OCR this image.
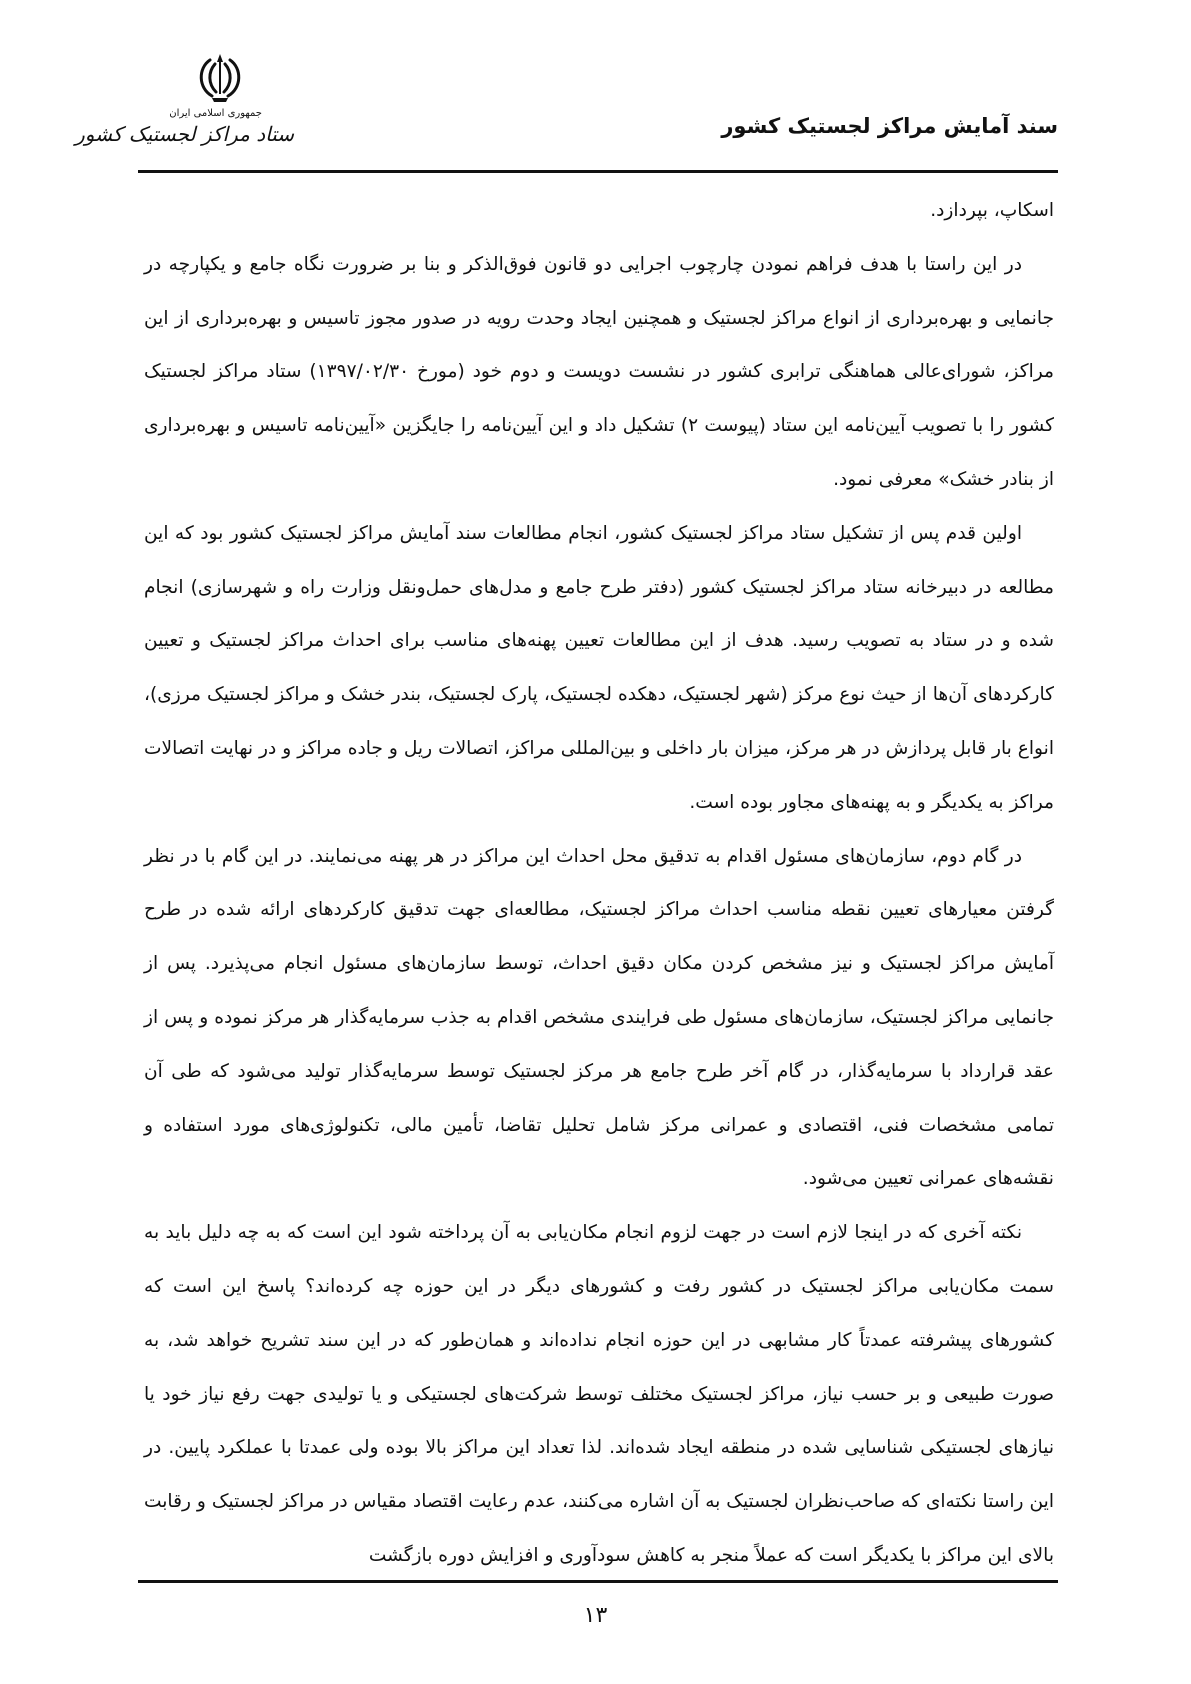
سند آمایش مراکز لجستیک کشور
جمهوری اسلامی ایران
ستاد مراکز لجستیک کشور

اسکاپ، بپردازد.

در این راستا با هدف فراهم نمودن چارچوب اجرایی دو قانون فوق‌الذکر و بنا بر ضرورت نگاه جامع و یکپارچه در جانمایی و بهره‌برداری از انواع مراکز لجستیک و همچنین ایجاد وحدت رویه در صدور مجوز تاسیس و بهره‌برداری از این مراکز، شورای‌عالی هماهنگی ترابری کشور در نشست دویست و دوم خود (مورخ ۱۳۹۷/۰۲/۳۰) ستاد مراکز لجستیک کشور را با تصویب آیین‌نامه این ستاد (پیوست ۲) تشکیل داد و این آیین‌نامه را جایگزین «آیین‌نامه تاسیس و بهره‌برداری از بنادر خشک» معرفی نمود.

اولین قدم پس از تشکیل ستاد مراکز لجستیک کشور، انجام مطالعات سند آمایش مراکز لجستیک کشور بود که این مطالعه در دبیرخانه ستاد مراکز لجستیک کشور (دفتر طرح جامع و مدل‌های حمل‌ونقل وزارت راه و شهرسازی) انجام شده و در ستاد به تصویب رسید. هدف از این مطالعات تعیین پهنه‌های مناسب برای احداث مراکز لجستیک و تعیین کارکردهای آن‌ها از حیث نوع مرکز (شهر لجستیک، دهکده لجستیک، پارک لجستیک، بندر خشک و مراکز لجستیک مرزی)، انواع بار قابل پردازش در هر مرکز، میزان بار داخلی و بین‌المللی مراکز، اتصالات ریل و جاده مراکز و در نهایت اتصالات مراکز به یکدیگر و به پهنه‌های مجاور بوده است.

در گام دوم، سازمان‌های مسئول اقدام به تدقیق محل احداث این مراکز در هر پهنه می‌نمایند. در این گام با در نظر گرفتن معیارهای تعیین نقطه مناسب احداث مراکز لجستیک، مطالعه‌ای جهت تدقیق کارکردهای ارائه شده در طرح آمایش مراکز لجستیک و نیز مشخص کردن مکان دقیق احداث، توسط سازمان‌های مسئول انجام می‌پذیرد. پس از جانمایی مراکز لجستیک، سازمان‌های مسئول طی فرایندی مشخص اقدام به جذب سرمایه‌گذار هر مرکز نموده و پس از عقد قرارداد با سرمایه‌گذار، در گام آخر طرح جامع هر مرکز لجستیک توسط سرمایه‌گذار تولید می‌شود که طی آن تمامی مشخصات فنی، اقتصادی و عمرانی مرکز شامل تحلیل تقاضا، تأمین مالی، تکنولوژی‌های مورد استفاده و نقشه‌های عمرانی تعیین می‌شود.

نکته آخری که در اینجا لازم است در جهت لزوم انجام مکان‌یابی به آن پرداخته شود این است که به چه دلیل باید به سمت مکان‌یابی مراکز لجستیک در کشور رفت و کشورهای دیگر در این حوزه چه کرده‌اند؟ پاسخ این است که کشورهای پیشرفته عمدتاً کار مشابهی در این حوزه انجام نداده‌اند و همان‌طور که در این سند تشریح خواهد شد، به صورت طبیعی و بر حسب نیاز، مراکز لجستیک مختلف توسط شرکت‌های لجستیکی و یا تولیدی جهت رفع نیاز خود یا نیازهای لجستیکی شناسایی شده در منطقه ایجاد شده‌اند. لذا تعداد این مراکز بالا بوده ولی عمدتا با عملکرد پایین. در این راستا نکته‌ای که صاحب‌نظران لجستیک به آن اشاره می‌کنند، عدم رعایت اقتصاد مقیاس در مراکز لجستیک و رقابت بالای این مراکز با یکدیگر است که عملاً منجر به کاهش سودآوری و افزایش دوره بازگشت

۱۳
